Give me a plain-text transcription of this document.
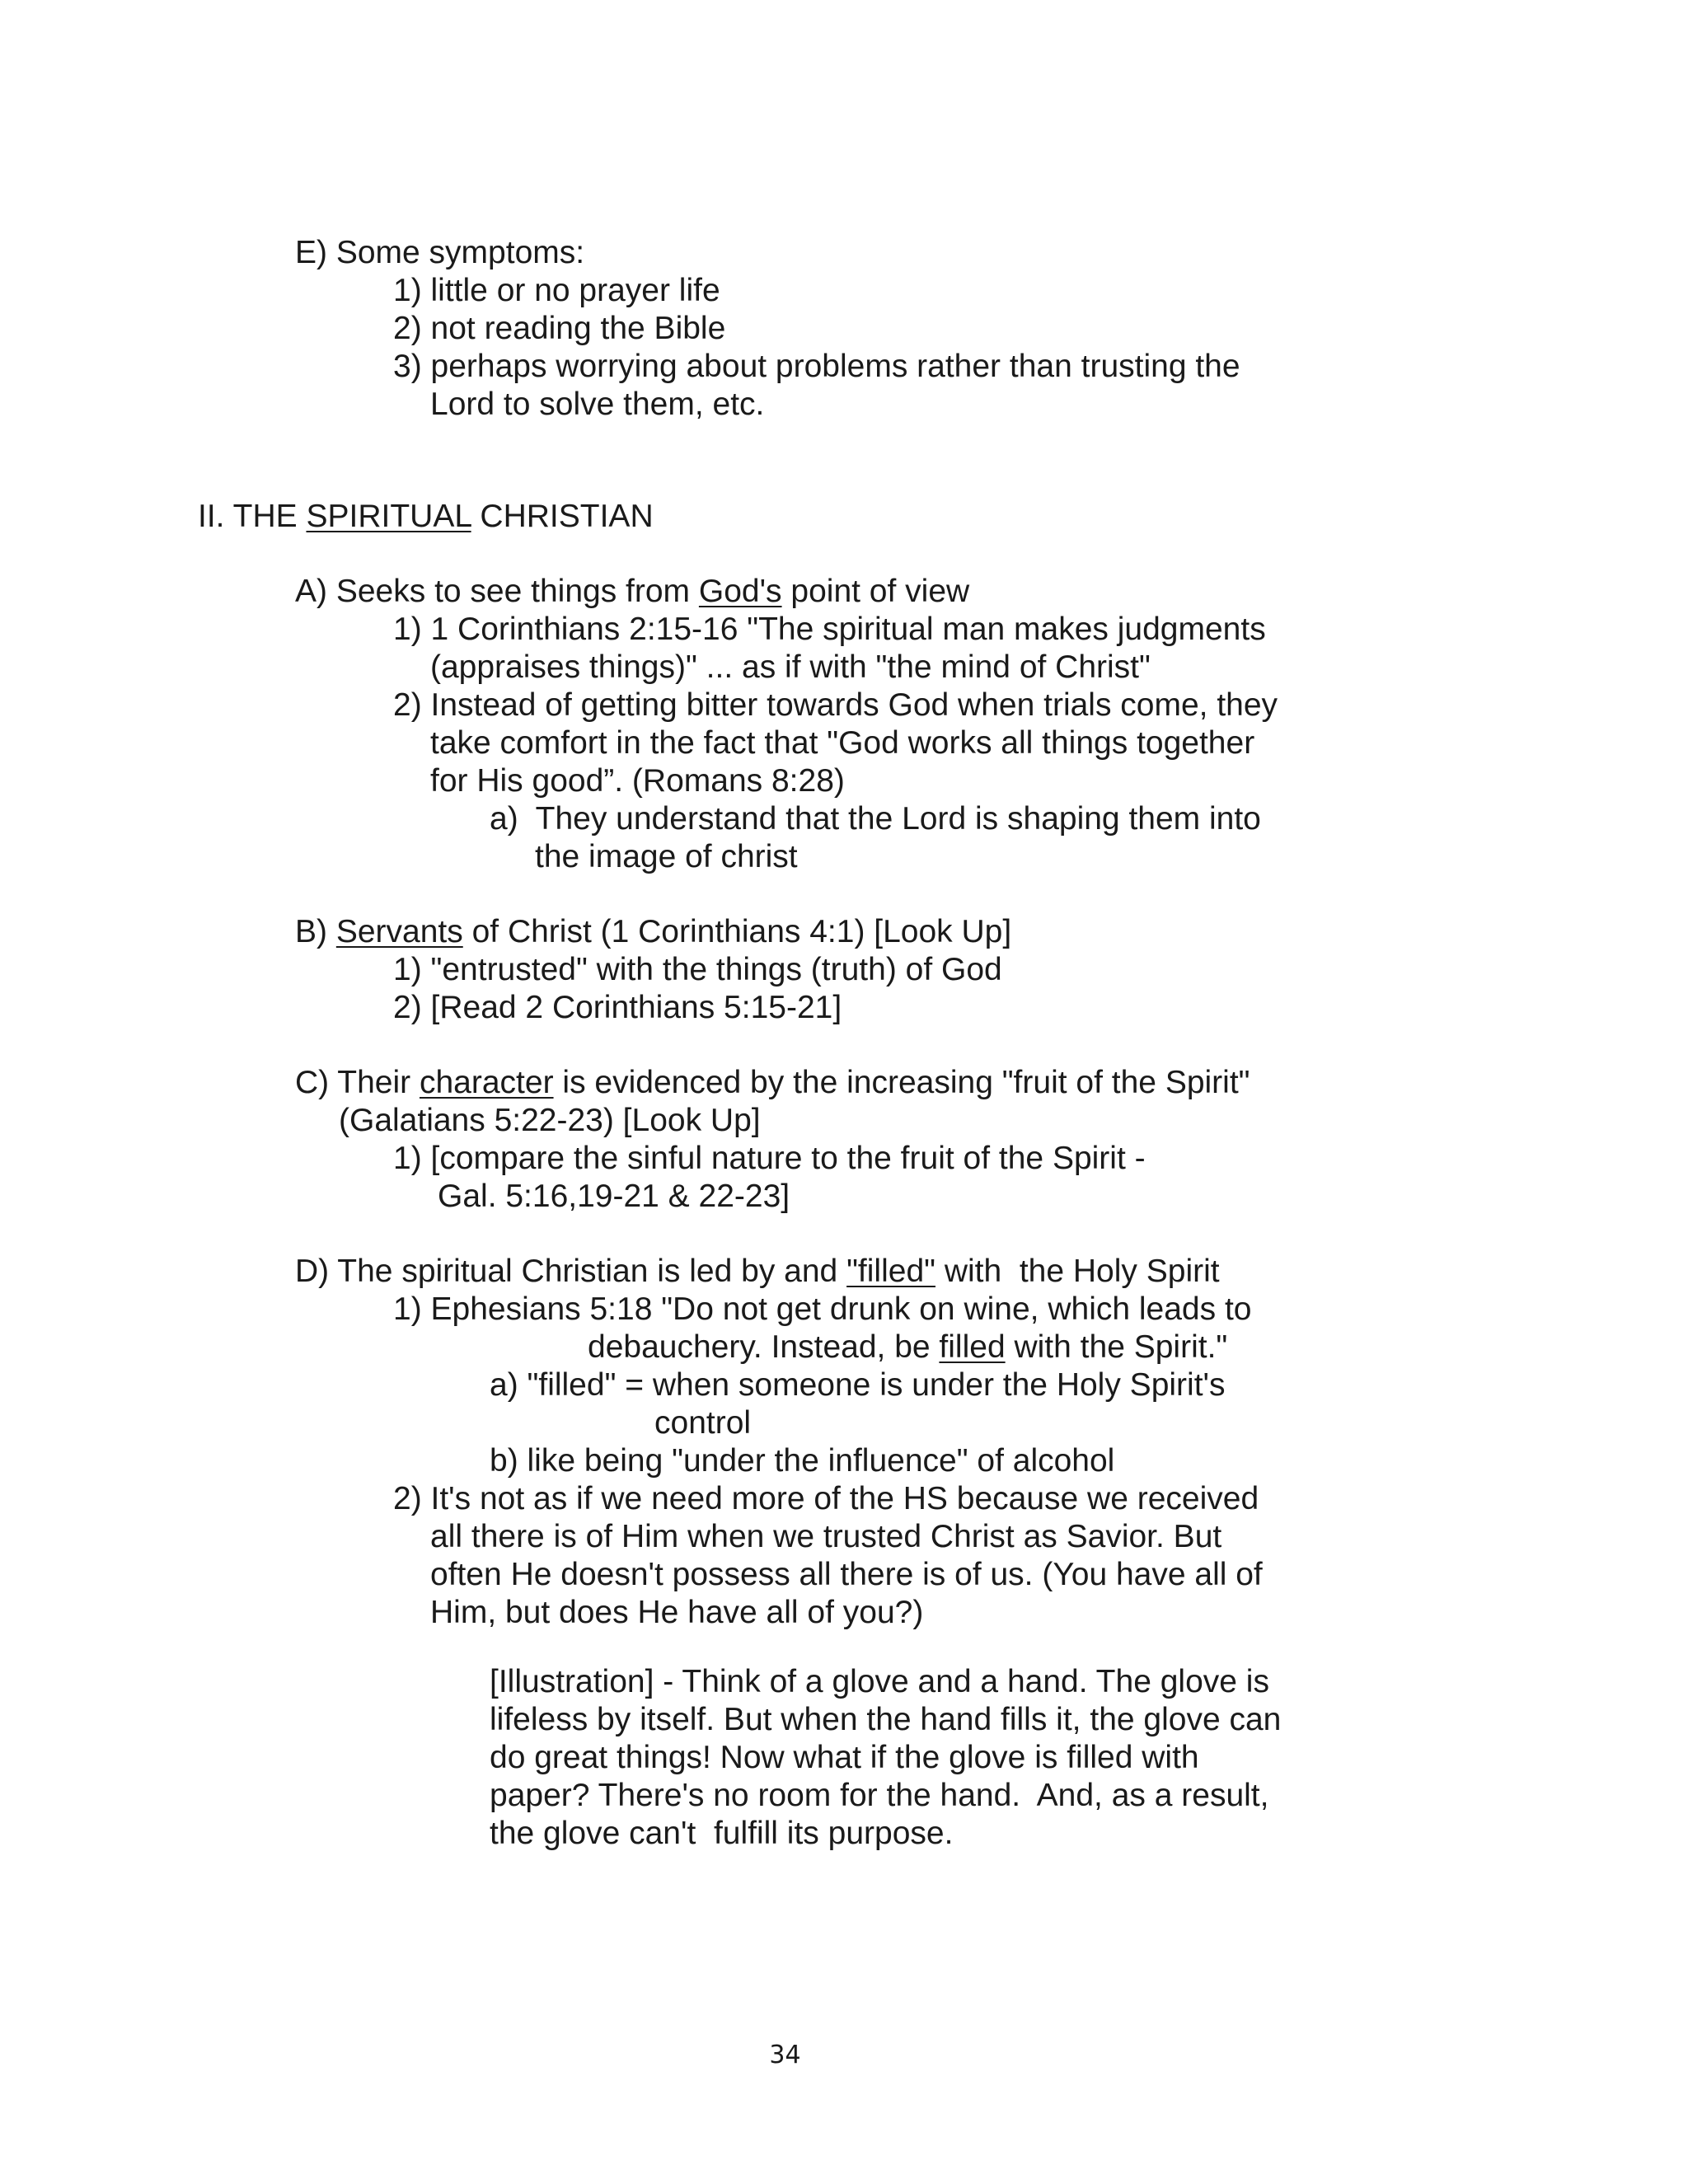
E) Some symptoms:
1) little or no prayer life
2) not reading the Bible
3) perhaps worrying about problems rather than trusting the
Lord to solve them, etc.
II. THE SPIRITUAL CHRISTIAN
A) Seeks to see things from God's point of view
1) 1 Corinthians 2:15-16 "The spiritual man makes judgments
(appraises things)" ... as if with "the mind of Christ"
2) Instead of getting bitter towards God when trials come, they
take comfort in the fact that "God works all things together
for His good”. (Romans 8:28)
a)  They understand that the Lord is shaping them into
the image of christ
B) Servants of Christ (1 Corinthians 4:1) [Look Up]
1) "entrusted" with the things (truth) of God
2) [Read 2 Corinthians 5:15-21]
C) Their character is evidenced by the increasing "fruit of the Spirit"
(Galatians 5:22-23) [Look Up]
1) [compare the sinful nature to the fruit of the Spirit -
Gal. 5:16,19-21 & 22-23]
D) The spiritual Christian is led by and "filled" with  the Holy Spirit
1) Ephesians 5:18 "Do not get drunk on wine, which leads to
debauchery. Instead, be filled with the Spirit."
a) "filled" = when someone is under the Holy Spirit's
control
b) like being "under the influence" of alcohol
2) It's not as if we need more of the HS because we received
all there is of Him when we trusted Christ as Savior. But
often He doesn't possess all there is of us. (You have all of
Him, but does He have all of you?)
[Illustration] - Think of a glove and a hand. The glove is
lifeless by itself. But when the hand fills it, the glove can
do great things! Now what if the glove is filled with
paper? There's no room for the hand.  And, as a result,
the glove can't  fulfill its purpose.
34
